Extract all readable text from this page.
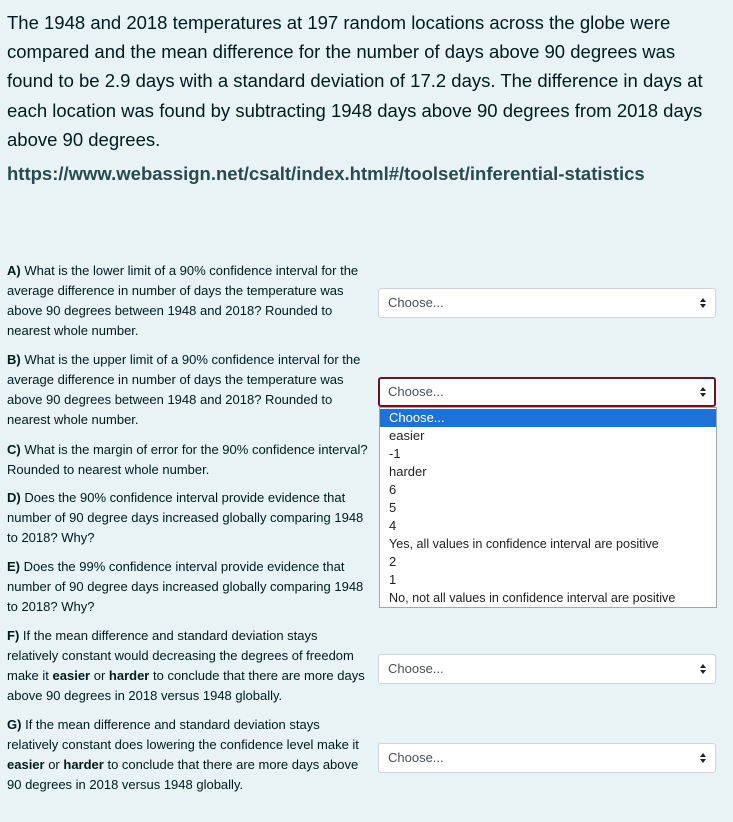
The 1948 and 2018 temperatures at 197 random locations across the globe were compared and the mean difference for the number of days above 90 degrees was found to be 2.9 days with a standard deviation of 17.2 days. The difference in days at each location was found by subtracting 1948 days above 90 degrees from 2018 days above 90 degrees.
https://www.webassign.net/csalt/index.html#/toolset/inferential-statistics
A) What is the lower limit of a 90% confidence interval for the average difference in number of days the temperature was above 90 degrees between 1948 and 2018? Rounded to nearest whole number.
Choose...
B) What is the upper limit of a 90% confidence interval for the average difference in number of days the temperature was above 90 degrees between 1948 and 2018? Rounded to nearest whole number.
Choose...
C) What is the margin of error for the 90% confidence interval? Rounded to nearest whole number.
D) Does the 90% confidence interval provide evidence that number of 90 degree days increased globally comparing 1948 to 2018? Why?
E) Does the 99% confidence interval provide evidence that number of 90 degree days increased globally comparing 1948 to 2018? Why?
F) If the mean difference and standard deviation stays relatively constant would decreasing the degrees of freedom make it easier or harder to conclude that there are more days above 90 degrees in 2018 versus 1948 globally.
Choose...
G) If the mean difference and standard deviation stays relatively constant does lowering the confidence level make it easier or harder to conclude that there are more days above 90 degrees in 2018 versus 1948 globally.
Choose...
Choose...
easier
-1
harder
6
5
4
Yes, all values in confidence interval are positive
2
1
No, not all values in confidence interval are positive
